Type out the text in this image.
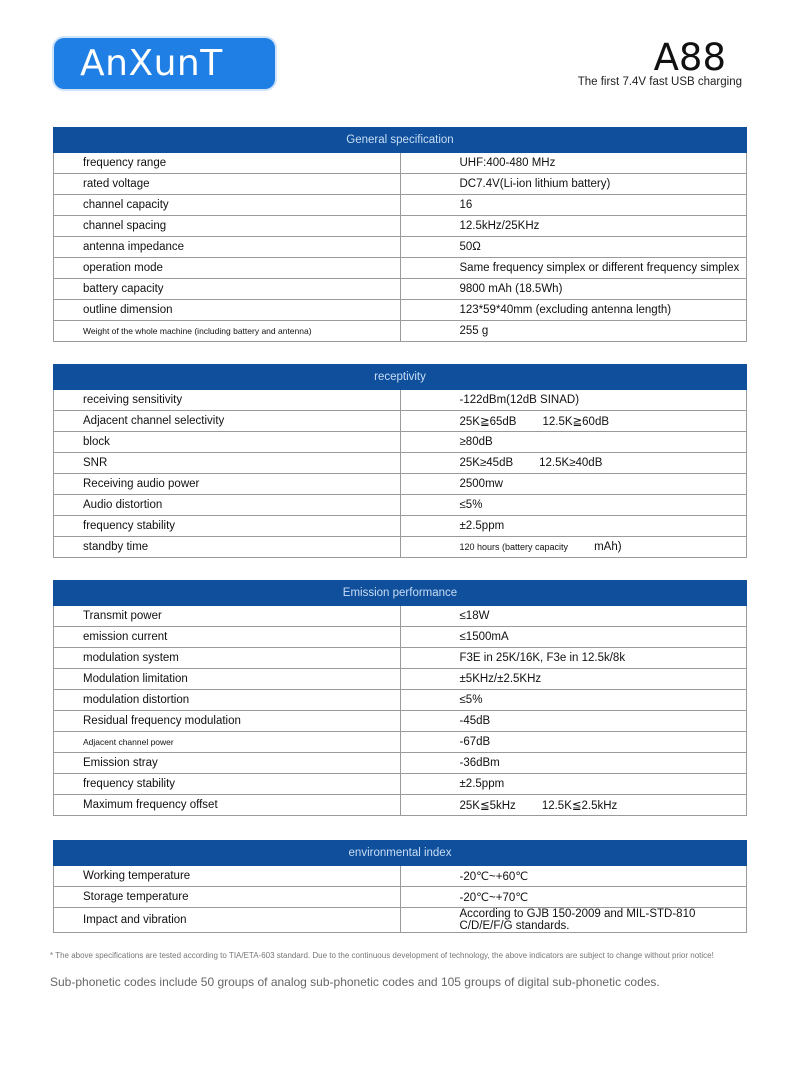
AnXunT	A88
The first 7.4V fast USB charging
General specification	
frequency range	UHF:400-480 MHz
rated voltage	DC7.4V(Li-ion lithium battery)
channel capacity	16
channel spacing	12.5kHz/25KHz
antenna impedance	50Ω
operation mode	Same frequency simplex or different frequency simplex
battery capacity	9800 mAh (18.5Wh)
outline dimension	123*59*40mm (excluding antenna length)
Weight of the whole machine (including battery and antenna)	255 g
receptivity	
receiving sensitivity	-122dBm(12dB SINAD)
Adjacent channel selectivity	25K≧65dB 12.5K≧60dB
block	≥80dB
SNR	25K≥45dB 12.5K≥40dB
Receiving audio power	2500mw
Audio distortion	≤5%
frequency stability	±2.5ppm
standby time	120 hours (battery capacity mAh)
Emission performance	
Transmit power	≤18W
emission current	≤1500mA
modulation system	F3E in 25K/16K, F3e in 12.5k/8k
Modulation limitation	±5KHz/±2.5KHz
modulation distortion	≤5%
Residual frequency modulation	-45dB
Adjacent channel power	-67dB
Emission stray	-36dBm
frequency stability	±2.5ppm
Maximum frequency offset	25K≦5kHz 12.5K≦2.5kHz
environmental index	
Working temperature	-20℃~+60℃
Storage temperature	-20℃~+70℃
Impact and vibration	According to GJB 150-2009 and MIL-STD-810 C/D/E/F/G standards.
* The above specifications are tested according to TIA/ETA-603 standard. Due to the continuous development of technology, the above indicators are subject to change without prior notice!
Sub-phonetic codes include 50 groups of analog sub-phonetic codes and 105 groups of digital sub-phonetic codes.
